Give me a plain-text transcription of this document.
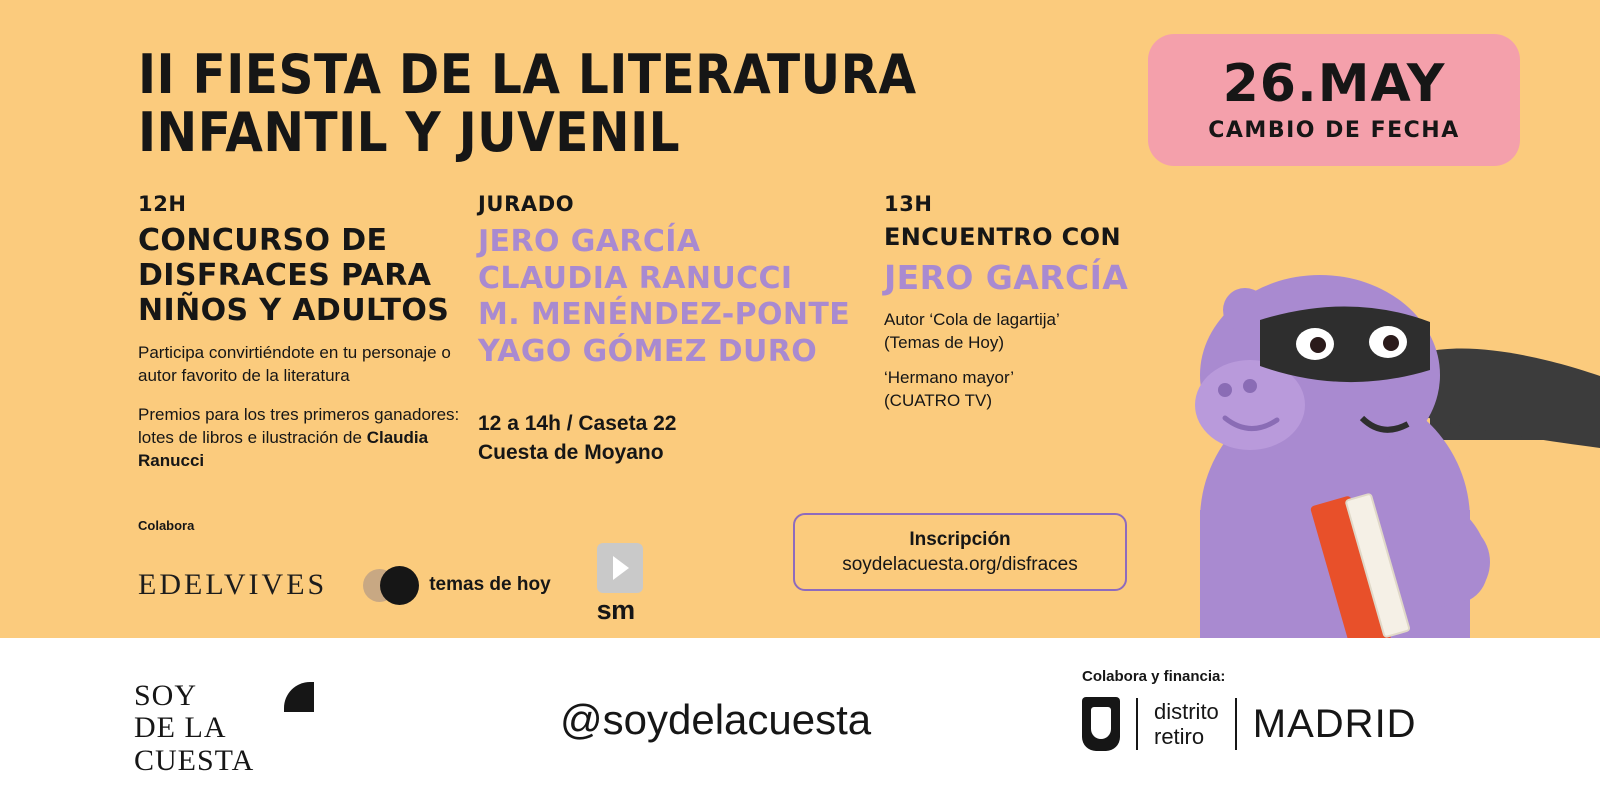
II FIESTA DE LA LITERATURA
INFANTIL Y JUVENIL
26.MAY
CAMBIO DE FECHA
12H
CONCURSO DE DISFRACES PARA NIÑOS Y ADULTOS

Participa convirtiéndote en tu personaje o autor favorito de la literatura

Premios para los tres primeros ganadores: lotes de libros e ilustración de Claudia Ranucci

JURADO
JERO GARCÍA
CLAUDIA RANUCCI
M. MENÉNDEZ-PONTE
YAGO GÓMEZ DURO

12 a 14h / Caseta 22

Cuesta de Moyano

13H
ENCUENTRO CON
JERO GARCÍA

Autor ‘Cola de lagartija’
(Temas de Hoy)

‘Hermano mayor’
(CUATRO TV)

Colabora
EDELVIVES	temas de hoy
sm
Inscripción
soydelacuesta.org/disfraces
SOY
DE LA
CUESTA
@soydelacuesta
Colabora y financia:
distrito
retiro	MADRID
